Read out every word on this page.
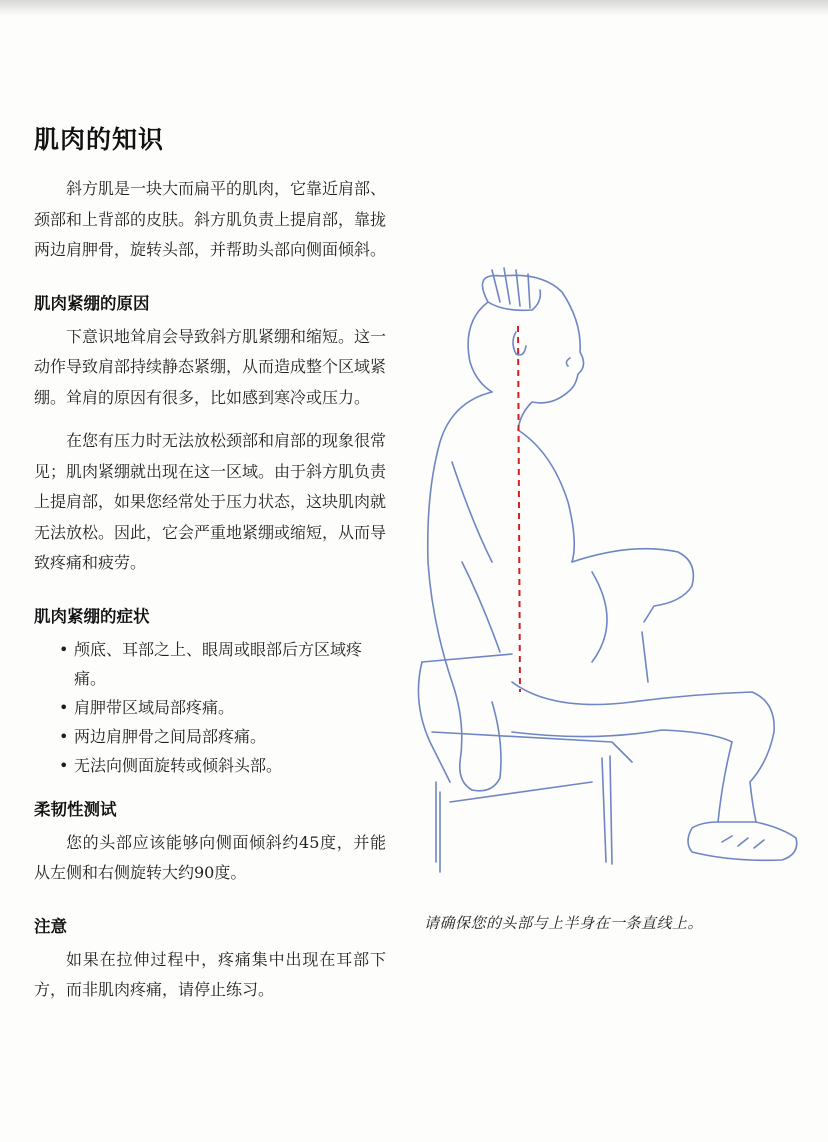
肌肉的知识

斜方肌是一块大而扁平的肌肉，它靠近肩部、颈部和上背部的皮肤。斜方肌负责上提肩部，靠拢两边肩胛骨，旋转头部，并帮助头部向侧面倾斜。

肌肉紧绷的原因

下意识地耸肩会导致斜方肌紧绷和缩短。这一动作导致肩部持续静态紧绷，从而造成整个区域紧绷。耸肩的原因有很多，比如感到寒冷或压力。

在您有压力时无法放松颈部和肩部的现象很常见；肌肉紧绷就出现在这一区域。由于斜方肌负责上提肩部，如果您经常处于压力状态，这块肌肉就无法放松。因此，它会严重地紧绷或缩短，从而导致疼痛和疲劳。

肌肉紧绷的症状
• 颅底、耳部之上、眼周或眼部后方区域疼痛。
• 肩胛带区域局部疼痛。
• 两边肩胛骨之间局部疼痛。
• 无法向侧面旋转或倾斜头部。
柔韧性测试

您的头部应该能够向侧面倾斜约45度，并能从左侧和右侧旋转大约90度。

注意

如果在拉伸过程中，疼痛集中出现在耳部下方，而非肌肉疼痛，请停止练习。

请确保您的头部与上半身在一条直线上。
